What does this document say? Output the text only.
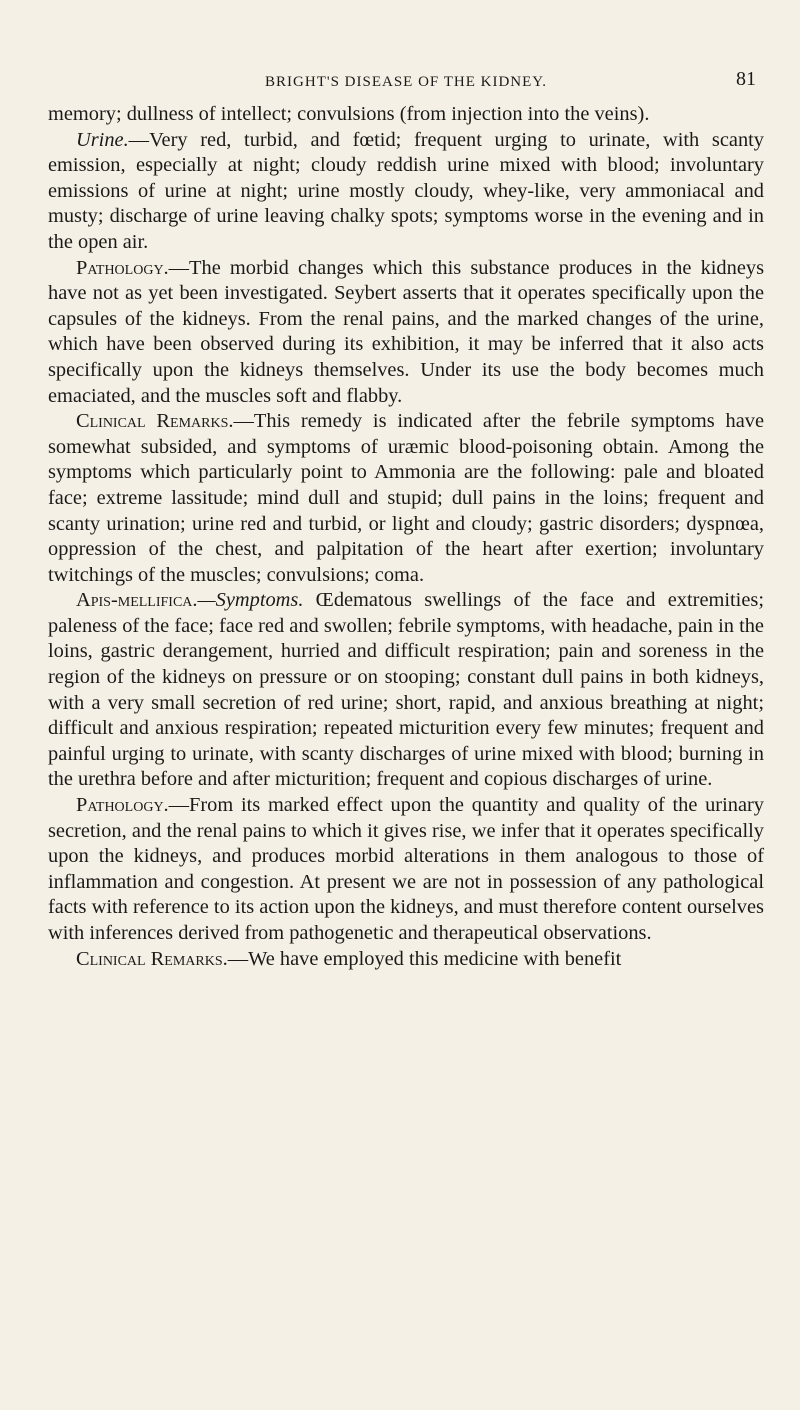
BRIGHT'S DISEASE OF THE KIDNEY.	81

memory; dullness of intellect; convulsions (from injection into the veins).

Urine.—Very red, turbid, and fœtid; frequent urging to urinate, with scanty emission, especially at night; cloudy reddish urine mixed with blood; involuntary emissions of urine at night; urine mostly cloudy, whey-like, very ammoniacal and musty; discharge of urine leaving chalky spots; symptoms worse in the evening and in the open air.

Pathology.—The morbid changes which this substance produces in the kidneys have not as yet been investigated. Seybert asserts that it operates specifically upon the capsules of the kidneys. From the renal pains, and the marked changes of the urine, which have been observed during its exhibition, it may be inferred that it also acts specifically upon the kidneys themselves. Under its use the body becomes much emaciated, and the muscles soft and flabby.

Clinical Remarks.—This remedy is indicated after the febrile symptoms have somewhat subsided, and symptoms of uræmic blood-poisoning obtain. Among the symptoms which particularly point to Ammonia are the following: pale and bloated face; extreme lassitude; mind dull and stupid; dull pains in the loins; frequent and scanty urination; urine red and turbid, or light and cloudy; gastric disorders; dyspnœa, oppression of the chest, and palpitation of the heart after exertion; involuntary twitchings of the muscles; convulsions; coma.

Apis-mellifica.—Symptoms. Œdematous swellings of the face and extremities; paleness of the face; face red and swollen; febrile symptoms, with headache, pain in the loins, gastric derangement, hurried and difficult respiration; pain and soreness in the region of the kidneys on pressure or on stooping; constant dull pains in both kidneys, with a very small secretion of red urine; short, rapid, and anxious breathing at night; difficult and anxious respiration; repeated micturition every few minutes; frequent and painful urging to urinate, with scanty discharges of urine mixed with blood; burning in the urethra before and after micturition; frequent and copious discharges of urine.

Pathology.—From its marked effect upon the quantity and quality of the urinary secretion, and the renal pains to which it gives rise, we infer that it operates specifically upon the kidneys, and produces morbid alterations in them analogous to those of inflammation and congestion. At present we are not in possession of any pathological facts with reference to its action upon the kidneys, and must therefore content ourselves with inferences derived from pathogenetic and therapeutical observations.

Clinical Remarks.—We have employed this medicine with benefit
